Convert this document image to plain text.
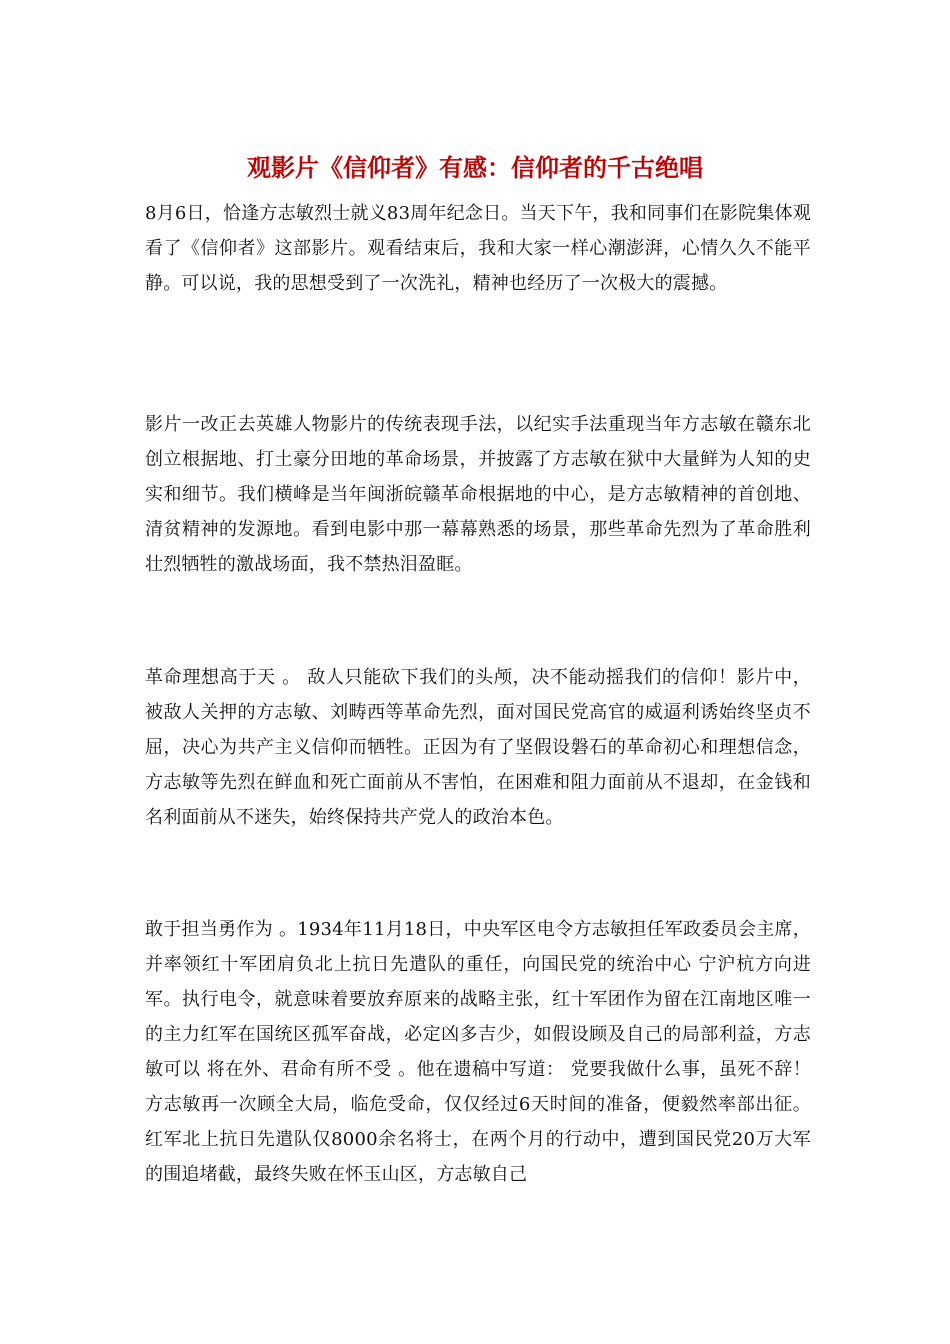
观影片《信仰者》有感：信仰者的千古绝唱

8月6日，恰逢方志敏烈士就义83周年纪念日。当天下午，我和同事们在影院集体观看了《信仰者》这部影片。观看结束后，我和大家一样心潮澎湃，心情久久不能平静。可以说，我的思想受到了一次洗礼，精神也经历了一次极大的震撼。

影片一改正去英雄人物影片的传统表现手法，以纪实手法重现当年方志敏在赣东北创立根据地、打土豪分田地的革命场景，并披露了方志敏在狱中大量鲜为人知的史实和细节。我们横峰是当年闽浙皖赣革命根据地的中心，是方志敏精神的首创地、清贫精神的发源地。看到电影中那一幕幕熟悉的场景，那些革命先烈为了革命胜利壮烈牺牲的激战场面，我不禁热泪盈眶。

革命理想高于天 。 敌人只能砍下我们的头颅，决不能动摇我们的信仰！影片中，被敌人关押的方志敏、刘畴西等革命先烈，面对国民党高官的威逼利诱始终坚贞不屈，决心为共产主义信仰而牺牲。正因为有了坚假设磐石的革命初心和理想信念，方志敏等先烈在鲜血和死亡面前从不害怕，在困难和阻力面前从不退却，在金钱和名利面前从不迷失，始终保持共产党人的政治本色。

敢于担当勇作为 。1934年11月18日，中央军区电令方志敏担任军政委员会主席，并率领红十军团肩负北上抗日先遣队的重任，向国民党的统治中心 宁沪杭方向进军。执行电令，就意味着要放弃原来的战略主张，红十军团作为留在江南地区唯一的主力红军在国统区孤军奋战，必定凶多吉少，如假设顾及自己的局部利益，方志敏可以 将在外、君命有所不受 。他在遗稿中写道： 党要我做什么事，虽死不辞！方志敏再一次顾全大局，临危受命，仅仅经过6天时间的准备，便毅然率部出征。红军北上抗日先遣队仅8000余名将士，在两个月的行动中，遭到国民党20万大军的围追堵截，最终失败在怀玉山区，方志敏自己
